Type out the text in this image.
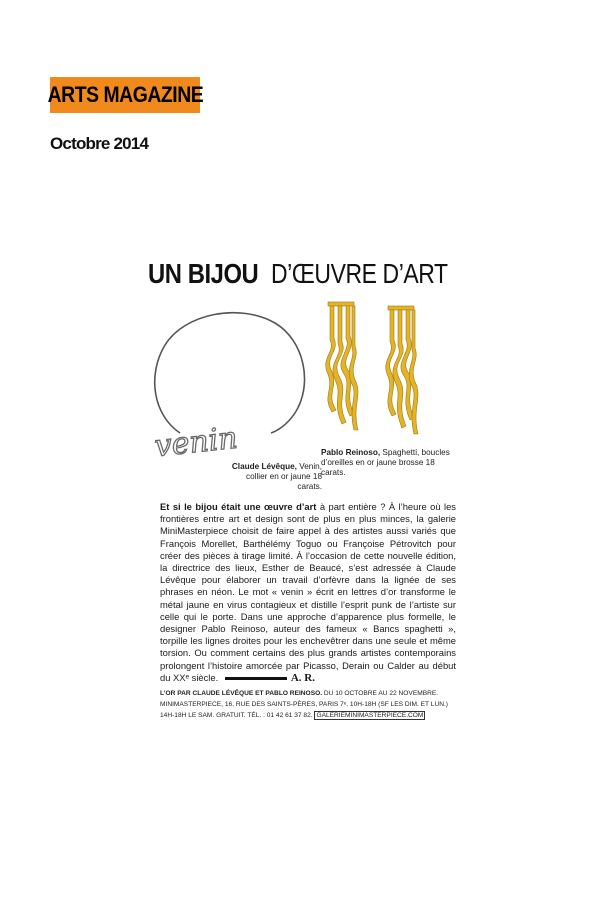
ARTS MAGAZINE
Octobre 2014
UN BIJOU D’ŒUVRE D’ART
venin	Pablo Reinoso, Spaghetti, boucles d’oreilles en or jaune brosse 18 carats.
Claude Lévêque, Venin, collier en or jaune 18 carats.
Et si le bijou était une œuvre d’art à part entière ? À l’heure où les frontières entre art et design sont de plus en plus minces, la galerie MiniMasterpiece choisit de faire appel à des artistes aussi variés que François Morellet, Barthélémy Toguo ou Françoise Pétrovitch pour créer des pièces à tirage limité. À l’occasion de cette nouvelle édition, la directrice des lieux, Esther de Beaucé, s’est adressée à Claude Lévêque pour élaborer un travail d’orfèvre dans la lignée de ses phrases en néon. Le mot « venin » écrit en lettres d’or transforme le métal jaune en virus contagieux et distille l’esprit punk de l’artiste sur celle qui le porte. Dans une approche d’apparence plus formelle, le designer Pablo Reinoso, auteur des fameux « Bancs spaghetti », torpille les lignes droites pour les enchevêtrer dans une seule et même torsion. Ou comment certains des plus grands artistes contemporains prolongent l’histoire amorcée par Picasso, Derain ou Calder au début du XXᵉ siècle.	A. R.
L’OR PAR CLAUDE LÉVÊQUE ET PABLO REINOSO. DU 10 OCTOBRE AU 22 NOVEMBRE. MINIMASTERPIECE, 16, RUE DES SAINTS-PÈRES, PARIS 7ᵉ. 10H-18H (SF LES DIM. ET LUN.) 14H-18H LE SAM. GRATUIT. TÉL. : 01 42 61 37 82. GALERIEMINIMASTERPIECE.COM
